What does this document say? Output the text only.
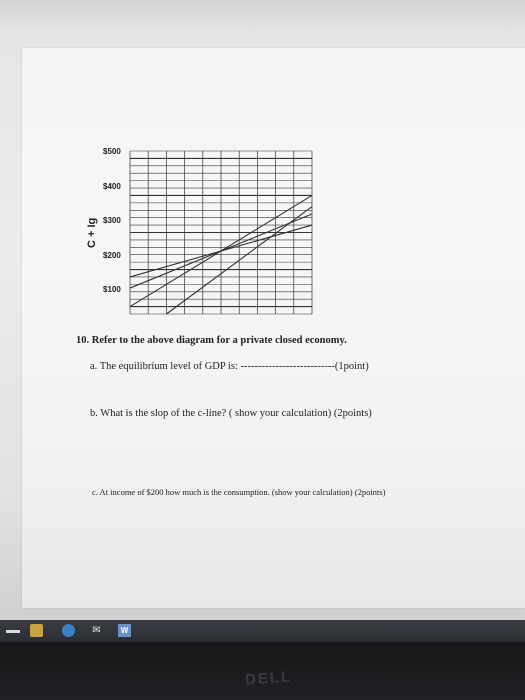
C + Ig
$500
$400
$300
$200
$100
10. Refer to the above diagram for a private closed economy.
a. The equilibrium level of GDP is: ---------------------------(1point)
b. What is the slop of the c-line? ( show your calculation) (2points)
c. At income of $200 how much is the consumption. (show your calculation) (2points)
✉	W
DELL
